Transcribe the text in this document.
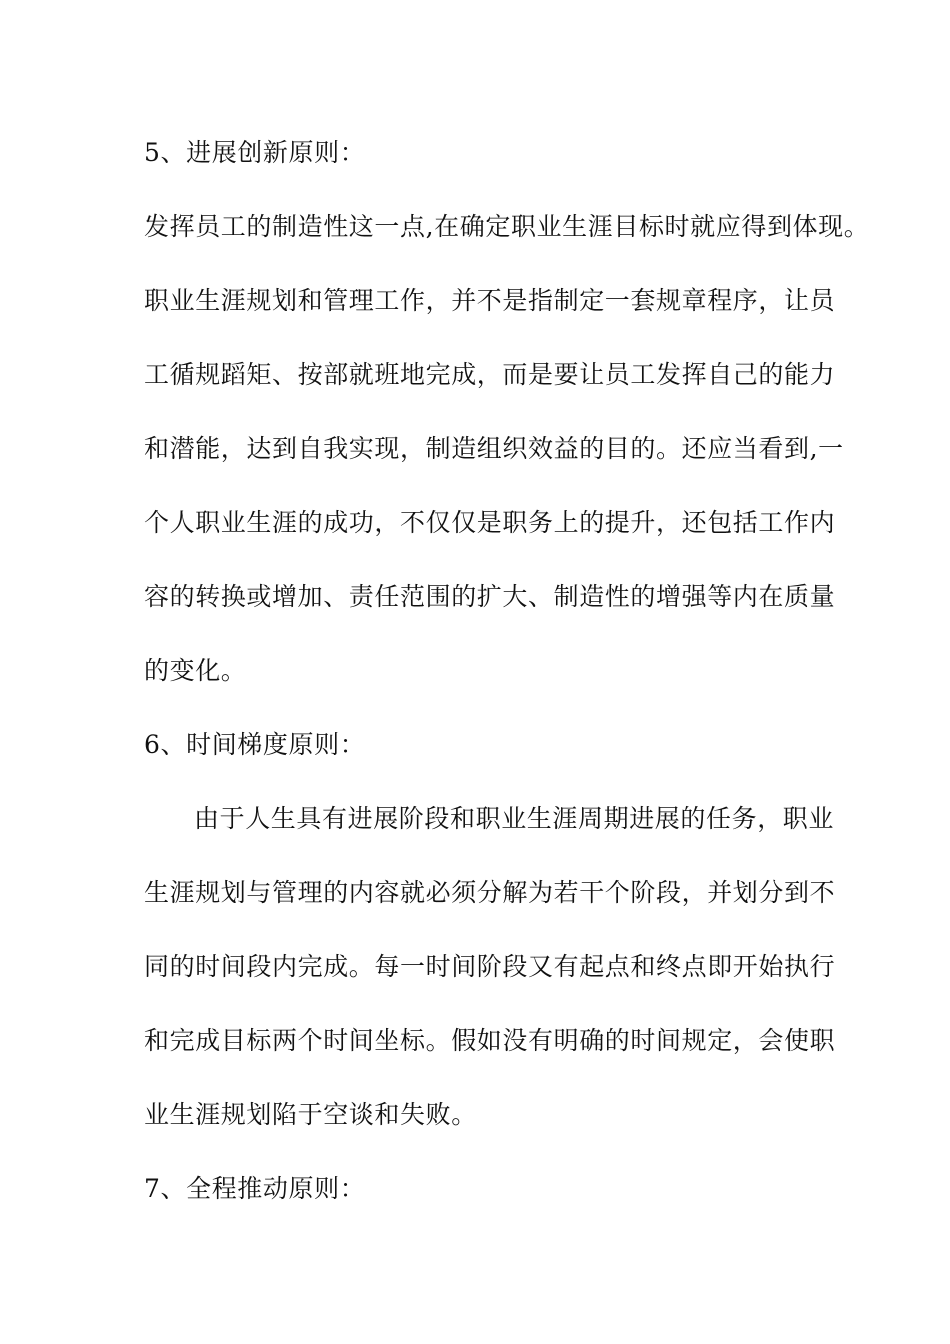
5、进展创新原则：
发挥员工的制造性这一点,在确定职业生涯目标时就应得到体现。
职业生涯规划和管理工作，并不是指制定一套规章程序，让员
工循规蹈矩、按部就班地完成，而是要让员工发挥自己的能力
和潜能，达到自我实现，制造组织效益的目的。还应当看到,一
个人职业生涯的成功，不仅仅是职务上的提升，还包括工作内
容的转换或增加、责任范围的扩大、制造性的增强等内在质量
的变化。
6、时间梯度原则：
由于人生具有进展阶段和职业生涯周期进展的任务，职业
生涯规划与管理的内容就必须分解为若干个阶段，并划分到不
同的时间段内完成。每一时间阶段又有起点和终点即开始执行
和完成目标两个时间坐标。假如没有明确的时间规定，会使职
业生涯规划陷于空谈和失败。
7、全程推动原则：
